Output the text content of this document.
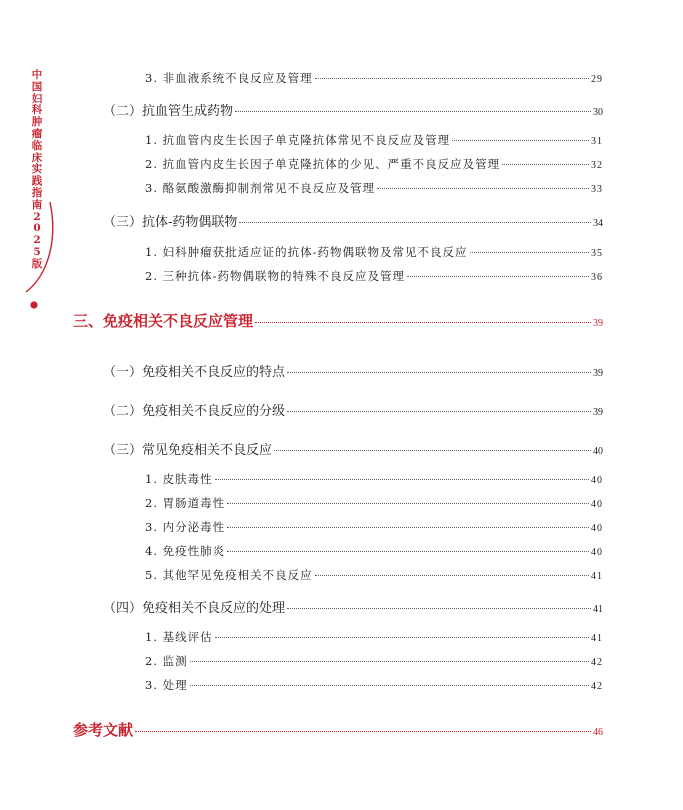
中国妇科肿瘤临床实践指南2025版
3. 非血液系统不良反应及管理	29
（二）抗血管生成药物	30
1. 抗血管内皮生长因子单克隆抗体常见不良反应及管理	31
2. 抗血管内皮生长因子单克隆抗体的少见、严重不良反应及管理	32
3. 酪氨酸激酶抑制剂常见不良反应及管理	33
（三）抗体-药物偶联物	34
1. 妇科肿瘤获批适应证的抗体-药物偶联物及常见不良反应	35
2. 三种抗体-药物偶联物的特殊不良反应及管理	36
三、免疫相关不良反应管理	39
（一）免疫相关不良反应的特点	39
（二）免疫相关不良反应的分级	39
（三）常见免疫相关不良反应	40
1. 皮肤毒性	40
2. 胃肠道毒性	40
3. 内分泌毒性	40
4. 免疫性肺炎	40
5. 其他罕见免疫相关不良反应	41
（四）免疫相关不良反应的处理	41
1. 基线评估	41
2. 监测	42
3. 处理	42
参考文献	46
